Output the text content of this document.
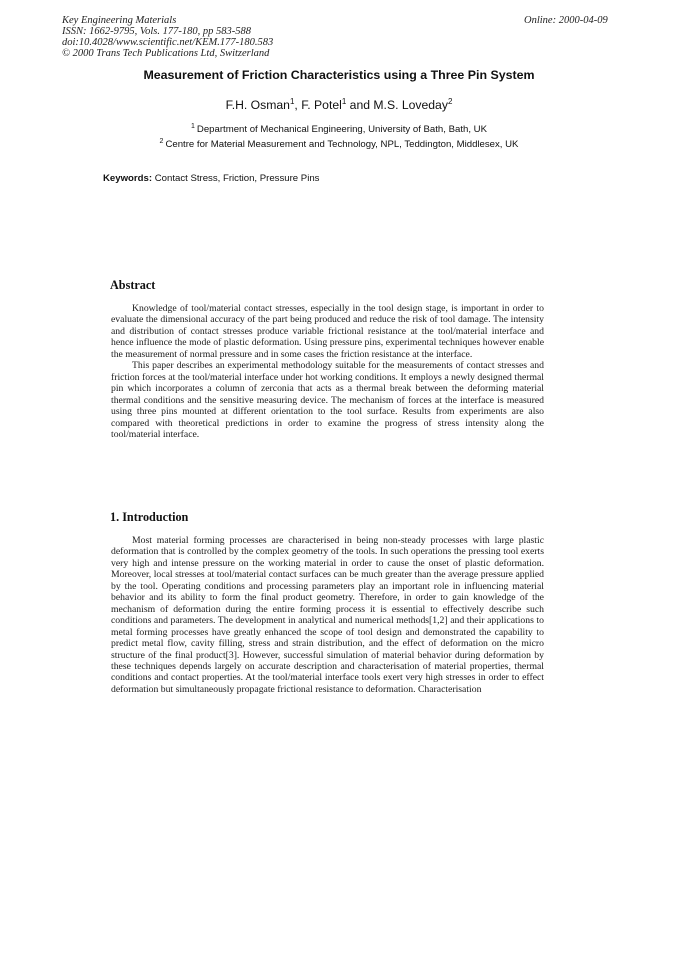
Key Engineering Materials
ISSN: 1662-9795, Vols. 177-180, pp 583-588
doi:10.4028/www.scientific.net/KEM.177-180.583
© 2000 Trans Tech Publications Ltd, Switzerland
Online: 2000-04-09
Measurement of Friction Characteristics using a Three Pin System
F.H. Osman$^1$, F. Potel$^1$ and M.S. Loveday$^2$
$^1$ Department of Mechanical Engineering, University of Bath, Bath, UK
$^2$ Centre for Material Measurement and Technology, NPL, Teddington, Middlesex, UK
Keywords: Contact Stress, Friction, Pressure Pins
Abstract

Knowledge of tool/material contact stresses, especially in the tool design stage, is important in order to evaluate the dimensional accuracy of the part being produced and reduce the risk of tool damage. The intensity and distribution of contact stresses produce variable frictional resistance at the tool/material interface and hence influence the mode of plastic deformation. Using pressure pins, experimental techniques however enable the measurement of normal pressure and in some cases the friction resistance at the interface.

This paper describes an experimental methodology suitable for the measurements of contact stresses and friction forces at the tool/material interface under hot working conditions. It employs a newly designed thermal pin which incorporates a column of zerconia that acts as a thermal break between the deforming material thermal conditions and the sensitive measuring device. The mechanism of forces at the interface is measured using three pins mounted at different orientation to the tool surface. Results from experiments are also compared with theoretical predictions in order to examine the progress of stress intensity along the tool/material interface.

1. Introduction

Most material forming processes are characterised in being non-steady processes with large plastic deformation that is controlled by the complex geometry of the tools. In such operations the pressing tool exerts very high and intense pressure on the working material in order to cause the onset of plastic deformation. Moreover, local stresses at tool/material contact surfaces can be much greater than the average pressure applied by the tool. Operating conditions and processing parameters play an important role in influencing material behavior and its ability to form the final product geometry. Therefore, in order to gain knowledge of the mechanism of deformation during the entire forming process it is essential to effectively describe such conditions and parameters. The development in analytical and numerical methods[1,2] and their applications to metal forming processes have greatly enhanced the scope of tool design and demonstrated the capability to predict metal flow, cavity filling, stress and strain distribution, and the effect of deformation on the micro structure of the final product[3]. However, successful simulation of material behavior during deformation by these techniques depends largely on accurate description and characterisation of material properties, thermal conditions and contact properties. At the tool/material interface tools exert very high stresses in order to effect deformation but simultaneously propagate frictional resistance to deformation. Characterisation
